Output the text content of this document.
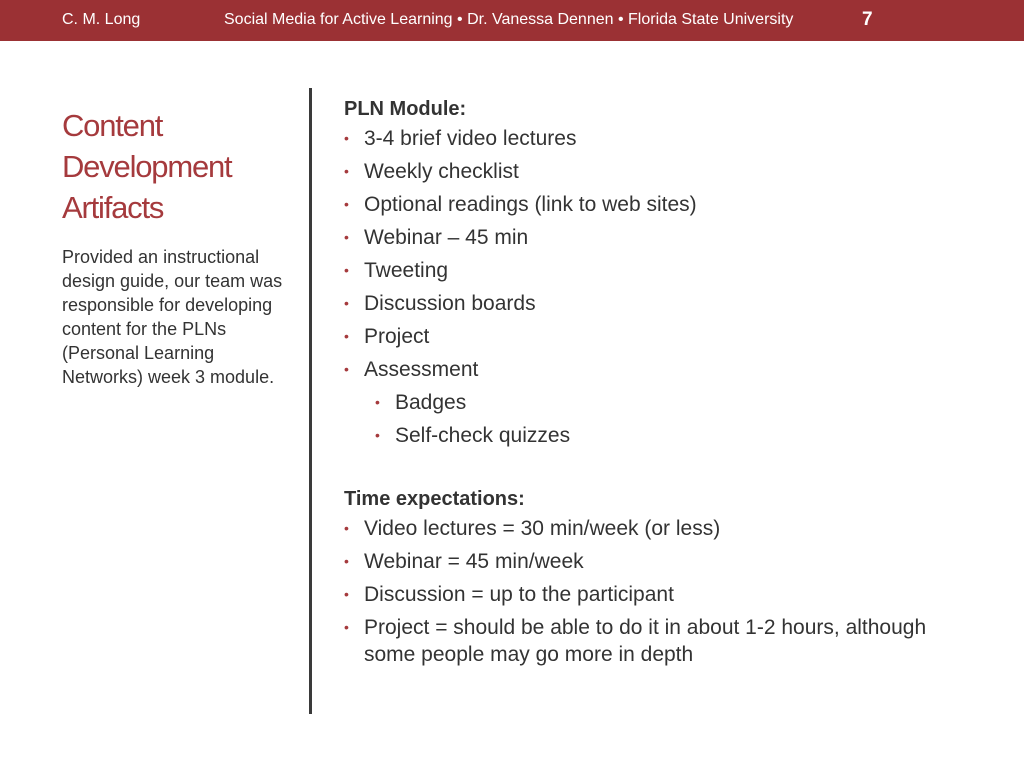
C. M. Long	Social Media for Active Learning • Dr. Vanessa Dennen • Florida State University	7
Content
Development
Artifacts
Provided an instructional design guide, our team was responsible for developing content for the PLNs (Personal Learning Networks) week 3 module.

PLN Module:

• 3-4 brief video lectures
• Weekly checklist
• Optional readings (link to web sites)
• Webinar – 45 min
• Tweeting
• Discussion boards
• Project
• Assessment
• Badges
• Self-check quizzes

Time expectations:

• Video lectures = 30 min/week (or less)
• Webinar = 45 min/week
• Discussion = up to the participant
• Project = should be able to do it in about 1-2 hours, although some people may go more in depth
